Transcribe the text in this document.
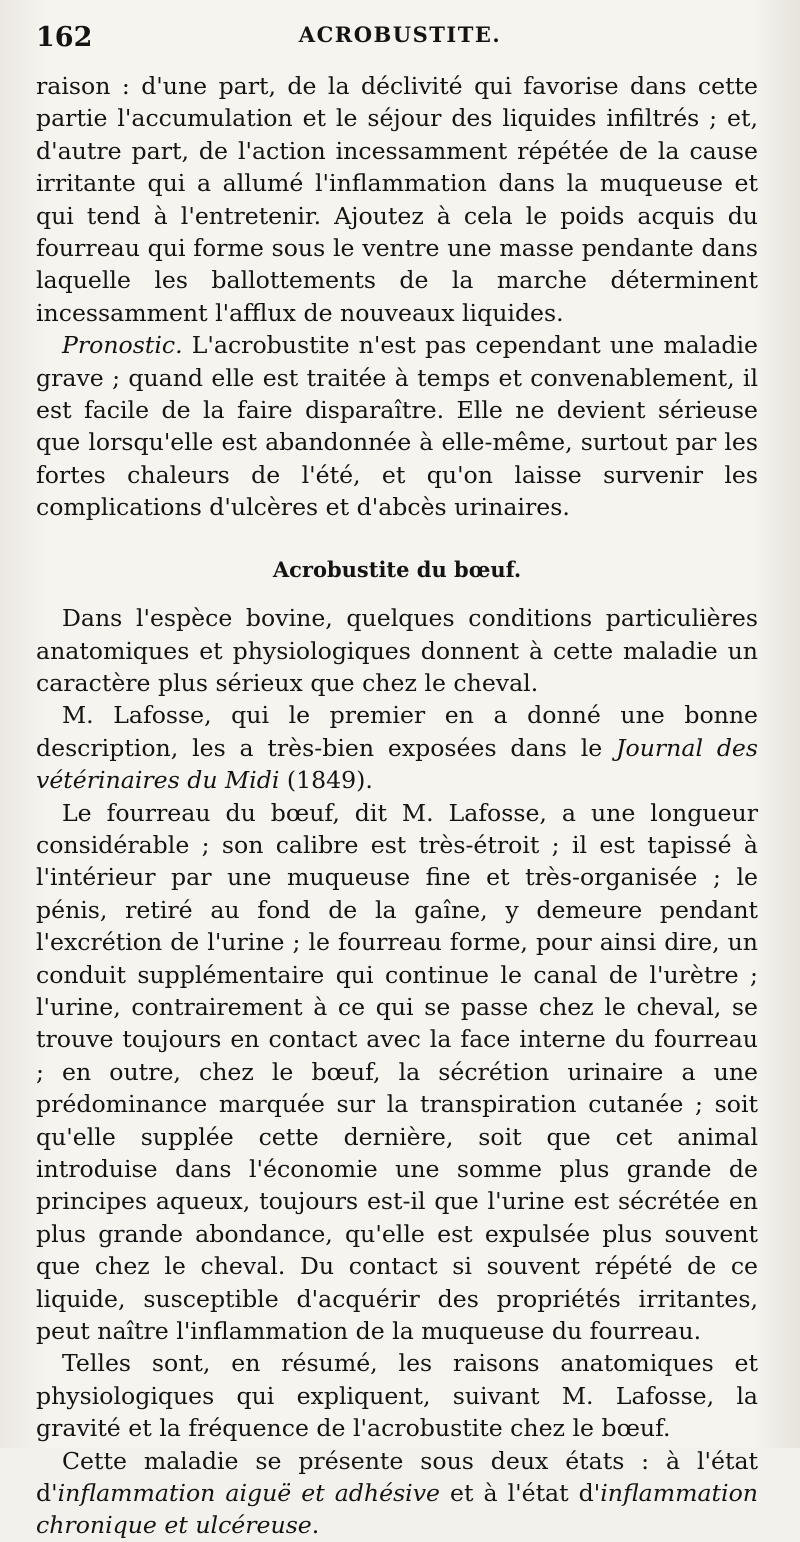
162	ACROBUSTITE.

raison : d'une part, de la déclivité qui favorise dans cette partie l'accumulation et le séjour des liquides infiltrés ; et, d'autre part, de l'action incessamment répétée de la cause irritante qui a allumé l'inflammation dans la muqueuse et qui tend à l'entretenir. Ajoutez à cela le poids acquis du fourreau qui forme sous le ventre une masse pendante dans laquelle les ballottements de la marche déterminent incessamment l'afflux de nouveaux liquides.

Pronostic. L'acrobustite n'est pas cependant une maladie grave ; quand elle est traitée à temps et convenablement, il est facile de la faire disparaître. Elle ne devient sérieuse que lorsqu'elle est abandonnée à elle-même, surtout par les fortes chaleurs de l'été, et qu'on laisse survenir les complications d'ulcères et d'abcès urinaires.

Acrobustite du bœuf.

Dans l'espèce bovine, quelques conditions particulières anatomiques et physiologiques donnent à cette maladie un caractère plus sérieux que chez le cheval.

M. Lafosse, qui le premier en a donné une bonne description, les a très-bien exposées dans le Journal des vétérinaires du Midi (1849).

Le fourreau du bœuf, dit M. Lafosse, a une longueur considérable ; son calibre est très-étroit ; il est tapissé à l'intérieur par une muqueuse fine et très-organisée ; le pénis, retiré au fond de la gaîne, y demeure pendant l'excrétion de l'urine ; le fourreau forme, pour ainsi dire, un conduit supplémentaire qui continue le canal de l'urètre ; l'urine, contrairement à ce qui se passe chez le cheval, se trouve toujours en contact avec la face interne du fourreau ; en outre, chez le bœuf, la sécrétion urinaire a une prédominance marquée sur la transpiration cutanée ; soit qu'elle supplée cette dernière, soit que cet animal introduise dans l'économie une somme plus grande de principes aqueux, toujours est-il que l'urine est sécrétée en plus grande abondance, qu'elle est expulsée plus souvent que chez le cheval. Du contact si souvent répété de ce liquide, susceptible d'acquérir des propriétés irritantes, peut naître l'inflammation de la muqueuse du fourreau.

Telles sont, en résumé, les raisons anatomiques et physiologiques qui expliquent, suivant M. Lafosse, la gravité et la fréquence de l'acrobustite chez le bœuf.

Cette maladie se présente sous deux états : à l'état d'inflammation aiguë et adhésive et à l'état d'inflammation chronique et ulcéreuse.
